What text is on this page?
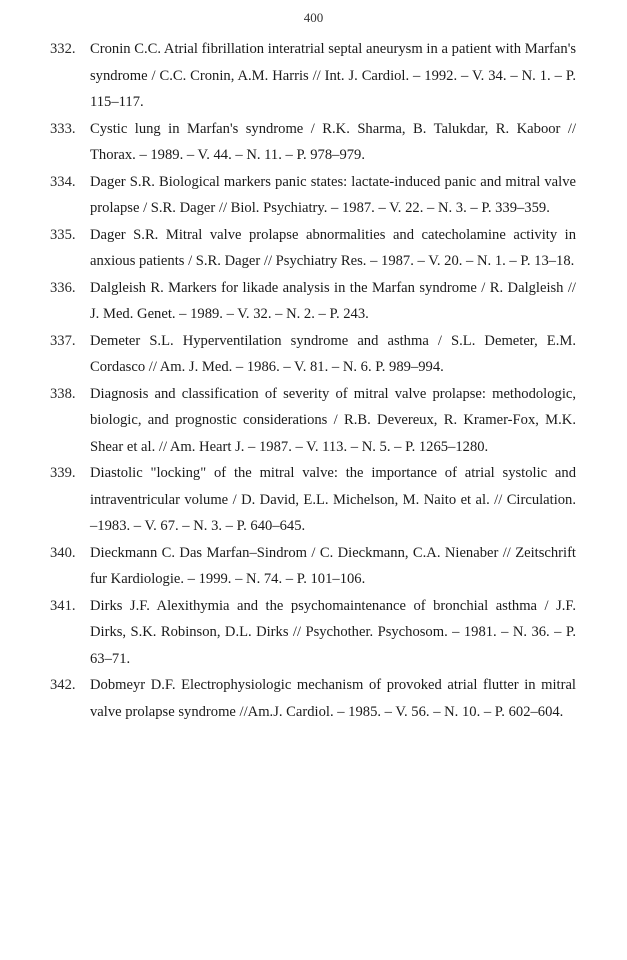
400
332. Cronin C.C. Atrial fibrillation interatrial septal aneurysm in a patient with Marfan's syndrome / C.C. Cronin, A.M. Harris // Int. J. Cardiol. – 1992. – V. 34. – N. 1. – P. 115–117.
333. Cystic lung in Marfan's syndrome / R.K. Sharma, B. Talukdar, R. Kaboor // Thorax. – 1989. – V. 44. – N. 11. – P. 978–979.
334. Dager S.R. Biological markers panic states: lactate-induced panic and mitral valve prolapse / S.R. Dager // Biol. Psychiatry. – 1987. – V. 22. – N. 3. – P. 339–359.
335. Dager S.R. Mitral valve prolapse abnormalities and catecholamine activity in anxious patients / S.R. Dager // Psychiatry Res. – 1987. – V. 20. – N. 1. – P. 13–18.
336. Dalgleish R. Markers for likade analysis in the Marfan syndrome / R. Dalgleish // J. Med. Genet. – 1989. – V. 32. – N. 2. – P. 243.
337. Demeter S.L. Hyperventilation syndrome and asthma / S.L. Demeter, E.M. Cordasco // Am. J. Med. – 1986. – V. 81. – N. 6. P. 989–994.
338. Diagnosis and classification of severity of mitral valve prolapse: methodologic, biologic, and prognostic considerations / R.B. Devereux, R. Kramer-Fox, M.K. Shear et al. // Am. Heart J. – 1987. – V. 113. – N. 5. – P. 1265–1280.
339. Diastolic "locking" of the mitral valve: the importance of atrial systolic and intraventricular volume / D. David, E.L. Michelson, M. Naito et al. // Circulation. –1983. – V. 67. – N. 3. – P. 640–645.
340. Dieckmann C. Das Marfan–Sindrom / C. Dieckmann, C.A. Nienaber // Zeitschrift fur Kardiologie. – 1999. – N. 74. – P. 101–106.
341. Dirks J.F. Alexithymia and the psychomaintenance of bronchial asthma / J.F. Dirks, S.K. Robinson, D.L. Dirks // Psychother. Psychosom. – 1981. – N. 36. – P. 63–71.
342. Dobmeyr D.F. Electrophysiologic mechanism of provoked atrial flutter in mitral valve prolapse syndrome //Am.J. Cardiol. – 1985. – V. 56. – N. 10. – P. 602–604.
